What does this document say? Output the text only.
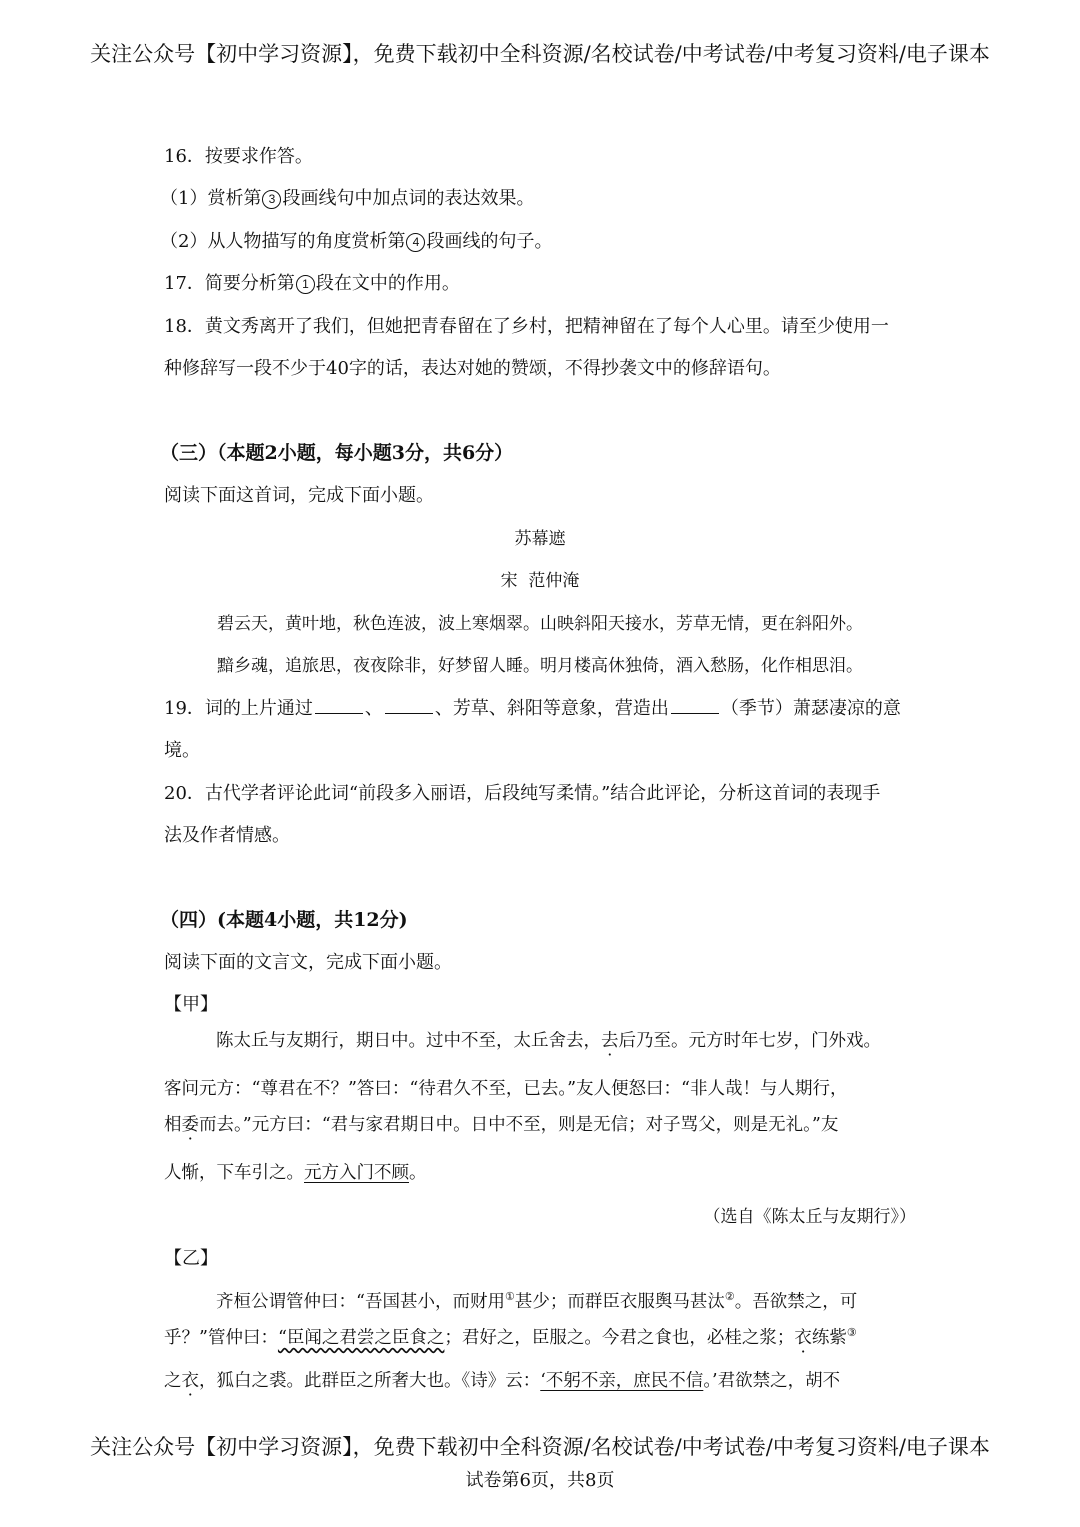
关注公众号【初中学习资源】，免费下载初中全科资源/名校试卷/中考试卷/中考复习资料/电子课本
16．按要求作答。
（1）赏析第 3 段画线句中加点词的表达效果。
（2）从人物描写的角度赏析第 4 段画线的句子。
17．简要分析第 1 段在文中的作用。
18．黄文秀离开了我们，但她把青春留在了乡村，把精神留在了每个人心里。请至少使用一
种修辞写一段不少于40字的话，表达对她的赞颂，不得抄袭文中的修辞语句。
（三）（本题2小题，每小题3分，共6分）
阅读下面这首词，完成下面小题。
苏幕遮
宋  范仲淹
碧云天，黄叶地，秋色连波，波上寒烟翠。山映斜阳天接水，芳草无情，更在斜阳外。
黯乡魂，追旅思，夜夜除非，好梦留人睡。明月楼高休独倚，酒入愁肠，化作相思泪。
19．词的上片通过	、	、芳草、斜阳等意象，营造出	（季节）萧瑟凄凉的意
境。
20．古代学者评论此词“前段多入丽语，后段纯写柔情。”结合此评论，分析这首词的表现手
法及作者情感。
（四）(本题4小题，共12分)
阅读下面的文言文，完成下面小题。
【甲】
陈太丘与友期行，期日中。过中不至，太丘舍去，去后乃至。元方时年七岁，门外戏。
客问元方：“尊君在不？”答曰：“待君久不至，已去。”友人便怒曰：“非人哉！与人期行，
相委而去。”元方曰：“君与家君期日中。日中不至，则是无信；对子骂父，则是无礼。”友
人惭，下车引之。元方入门不顾。
（选自《陈太丘与友期行》）
【乙】
齐桓公谓管仲曰：“吾国甚小，而财用①甚少；而群臣衣服舆马甚汰②。吾欲禁之，可
乎？”管仲曰：“臣闻之君尝之臣食之；君好之，臣服之。今君之食也，必桂之浆；衣练紫③
之衣，狐白之裘。此群臣之所奢大也。《诗》云：‘不躬不亲，庶民不信。’君欲禁之，胡不
关注公众号【初中学习资源】，免费下载初中全科资源/名校试卷/中考试卷/中考复习资料/电子课本
试卷第6页，共8页
